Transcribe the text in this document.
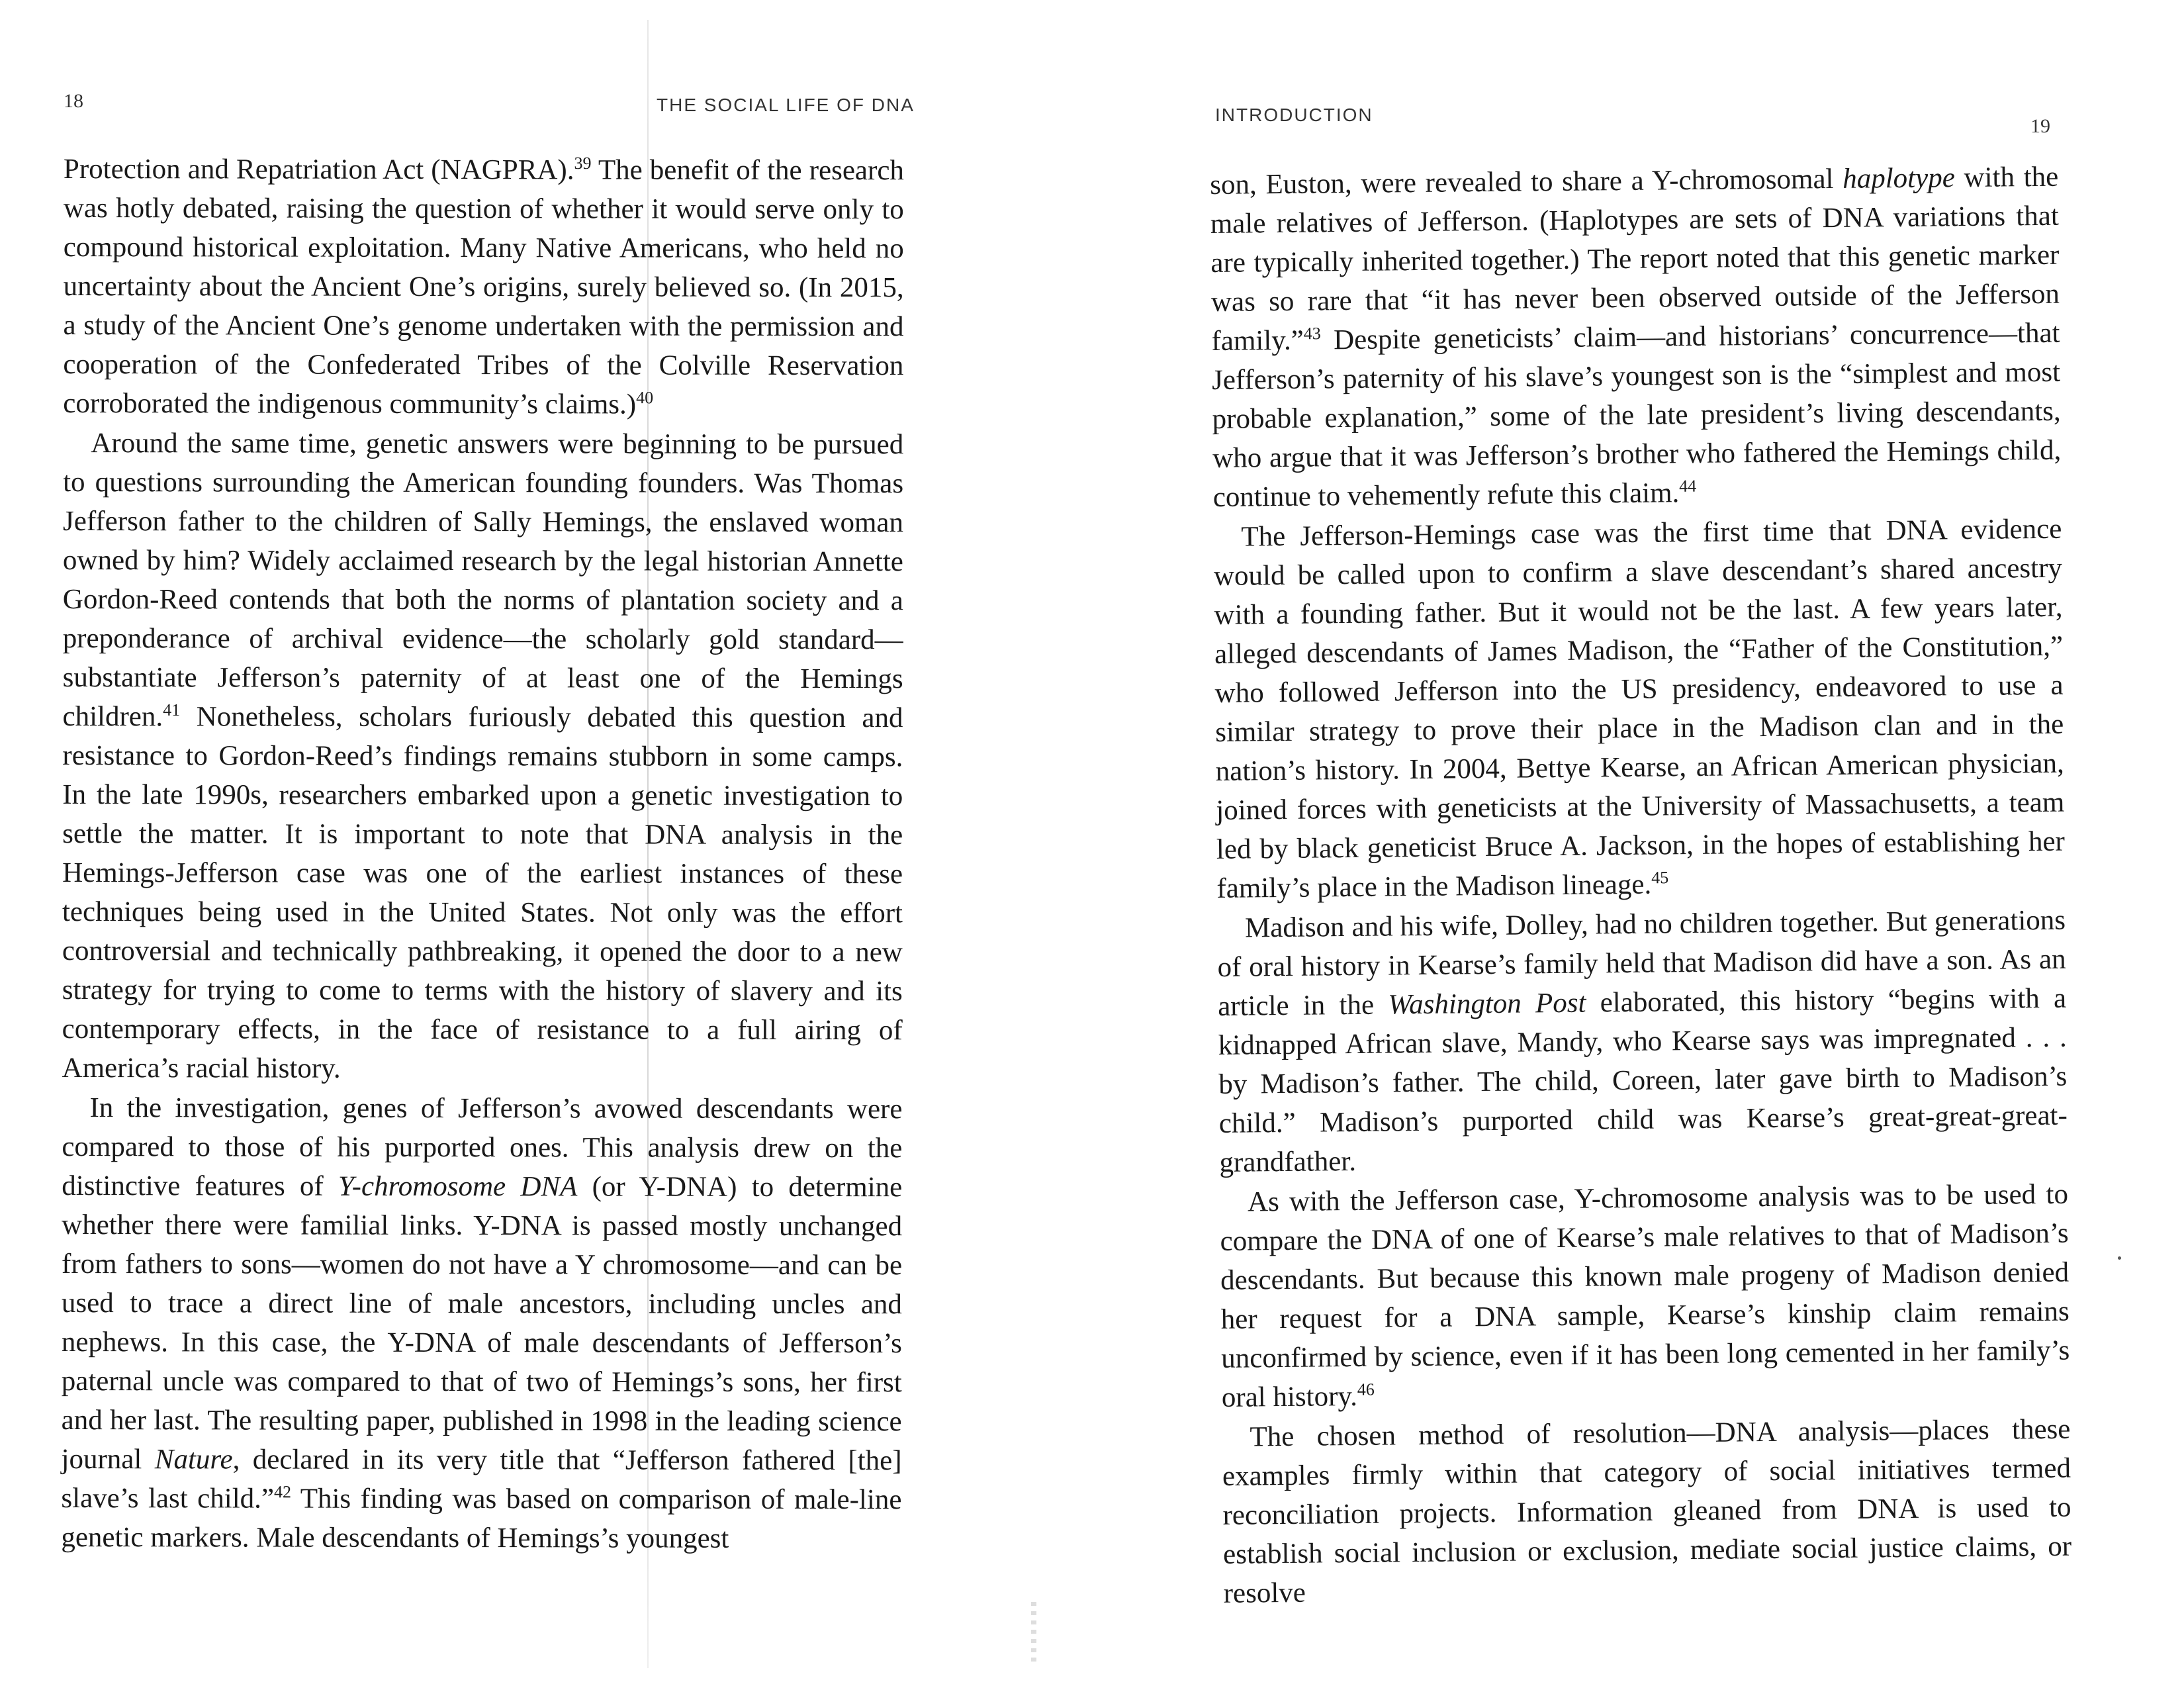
18	THE SOCIAL LIFE OF DNA

Protection and Repatriation Act (NAGPRA).$^{39}$ The benefit of the research was hotly debated, raising the question of whether it would serve only to compound historical exploitation. Many Native Americans, who held no uncertainty about the Ancient One’s origins, surely believed so. (In 2015, a study of the Ancient One’s genome undertaken with the permission and cooperation of the Confederated Tribes of the Colville Reservation corroborated the indigenous community’s claims.)$^{40}$

Around the same time, genetic answers were beginning to be pursued to questions surrounding the American founding founders. Was Thomas Jefferson father to the children of Sally Hemings, the enslaved woman owned by him? Widely acclaimed research by the legal historian Annette Gordon-Reed contends that both the norms of plantation society and a preponderance of archival evidence—the scholarly gold standard—substantiate Jefferson’s paternity of at least one of the Hemings children.$^{41}$ Nonetheless, scholars furiously debated this question and resistance to Gordon-Reed’s findings remains stubborn in some camps. In the late 1990s, researchers embarked upon a genetic investigation to settle the matter. It is important to note that DNA analysis in the Hemings-Jefferson case was one of the earliest instances of these techniques being used in the United States. Not only was the effort controversial and technically pathbreaking, it opened the door to a new strategy for trying to come to terms with the history of slavery and its contemporary effects, in the face of resistance to a full airing of America’s racial history.

In the investigation, genes of Jefferson’s avowed descendants were compared to those of his purported ones. This analysis drew on the distinctive features of Y-chromosome DNA (or Y-DNA) to determine whether there were familial links. Y-DNA is passed mostly unchanged from fathers to sons—women do not have a Y chromosome—and can be used to trace a direct line of male ancestors, including uncles and nephews. In this case, the Y-DNA of male descendants of Jefferson’s paternal uncle was compared to that of two of Hemings’s sons, her first and her last. The resulting paper, published in 1998 in the leading science journal Nature, declared in its very title that “Jefferson fathered [the] slave’s last child.”$^{42}$ This finding was based on comparison of male-line genetic markers. Male descendants of Hemings’s youngest

INTRODUCTION
19

son, Euston, were revealed to share a Y-chromosomal haplotype with the male relatives of Jefferson. (Haplotypes are sets of DNA variations that are typically inherited together.) The report noted that this genetic marker was so rare that “it has never been observed outside of the Jefferson family.”$^{43}$ Despite geneticists’ claim—and historians’ concurrence—that Jefferson’s paternity of his slave’s youngest son is the “simplest and most probable explanation,” some of the late president’s living descendants, who argue that it was Jefferson’s brother who fathered the Hemings child, continue to vehemently refute this claim.$^{44}$

The Jefferson-Hemings case was the first time that DNA evidence would be called upon to confirm a slave descendant’s shared ancestry with a founding father. But it would not be the last. A few years later, alleged descendants of James Madison, the “Father of the Constitution,” who followed Jefferson into the US presidency, endeavored to use a similar strategy to prove their place in the Madison clan and in the nation’s history. In 2004, Bettye Kearse, an African American physician, joined forces with geneticists at the University of Massachusetts, a team led by black geneticist Bruce A. Jackson, in the hopes of establishing her family’s place in the Madison lineage.$^{45}$

Madison and his wife, Dolley, had no children together. But generations of oral history in Kearse’s family held that Madison did have a son. As an article in the Washington Post elaborated, this history “begins with a kidnapped African slave, Mandy, who Kearse says was impregnated . . . by Madison’s father. The child, Coreen, later gave birth to Madison’s child.” Madison’s purported child was Kearse’s great-great-great-grandfather.

As with the Jefferson case, Y-chromosome analysis was to be used to compare the DNA of one of Kearse’s male relatives to that of Madison’s descendants. But because this known male progeny of Madison denied her request for a DNA sample, Kearse’s kinship claim remains unconfirmed by science, even if it has been long cemented in her family’s oral history.$^{46}$

The chosen method of resolution—DNA analysis—places these examples firmly within that category of social initiatives termed reconciliation projects. Information gleaned from DNA is used to establish social inclusion or exclusion, mediate social justice claims, or resolve
